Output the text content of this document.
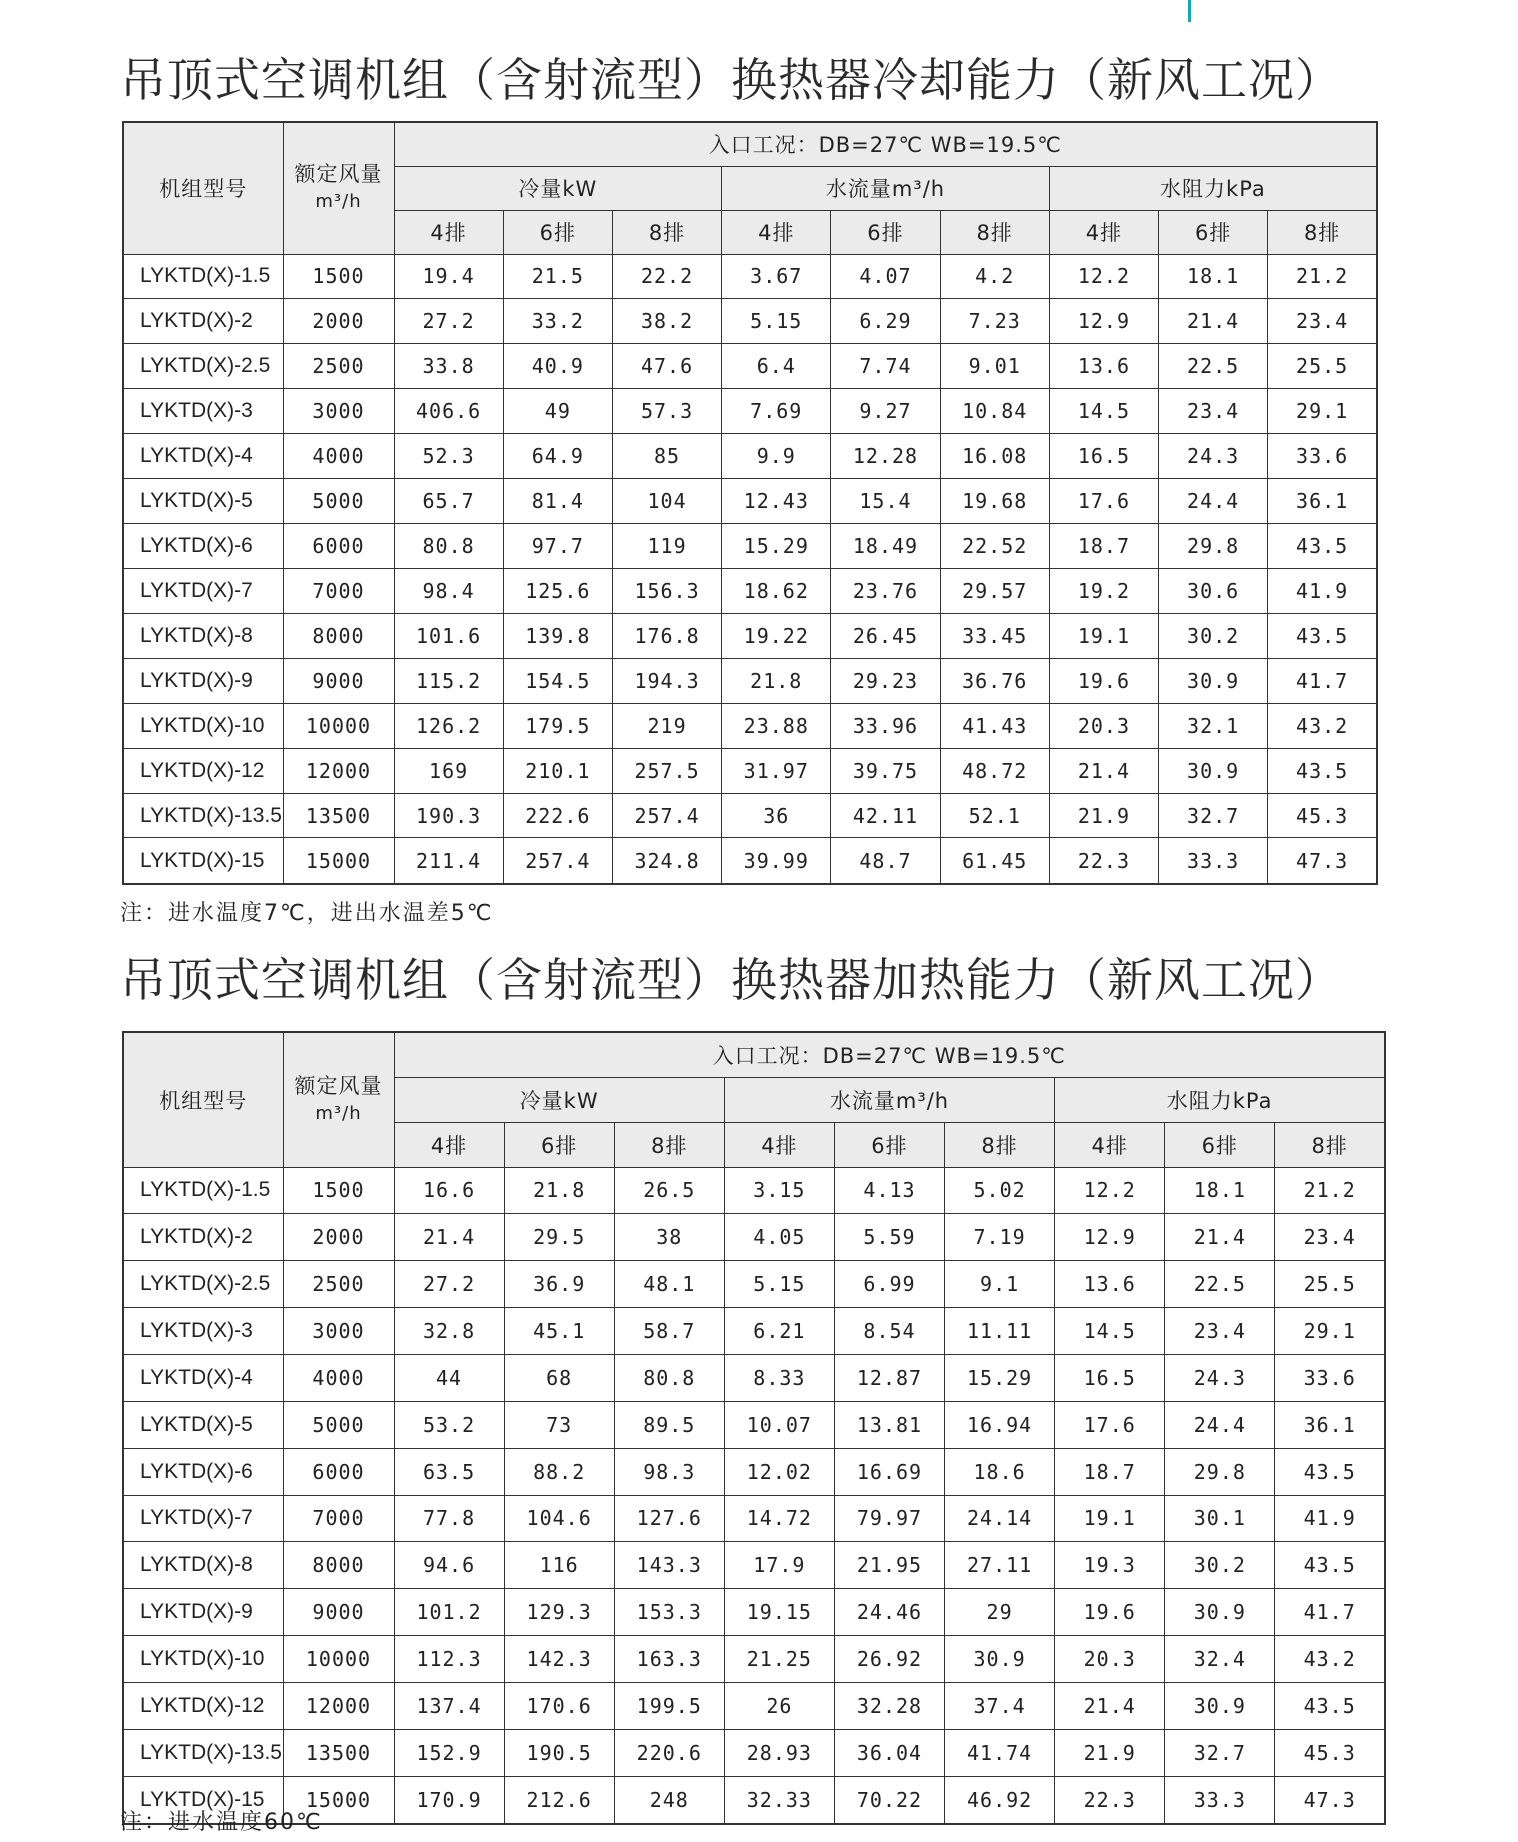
吊顶式空调机组（含射流型）换热器冷却能力（新风工况）
机组型号	额定风量
m³/h	入口工况：DB=27℃ WB=19.5℃								
		冷量kW			水流量m³/h			水阻力kPa		
		4排	6排	8排	4排	6排	8排	4排	6排	8排
LYKTD(X)-1.5	1500	19.4	21.5	22.2	3.67	4.07	4.2	12.2	18.1	21.2
LYKTD(X)-2	2000	27.2	33.2	38.2	5.15	6.29	7.23	12.9	21.4	23.4
LYKTD(X)-2.5	2500	33.8	40.9	47.6	6.4	7.74	9.01	13.6	22.5	25.5
LYKTD(X)-3	3000	406.6	49	57.3	7.69	9.27	10.84	14.5	23.4	29.1
LYKTD(X)-4	4000	52.3	64.9	85	9.9	12.28	16.08	16.5	24.3	33.6
LYKTD(X)-5	5000	65.7	81.4	104	12.43	15.4	19.68	17.6	24.4	36.1
LYKTD(X)-6	6000	80.8	97.7	119	15.29	18.49	22.52	18.7	29.8	43.5
LYKTD(X)-7	7000	98.4	125.6	156.3	18.62	23.76	29.57	19.2	30.6	41.9
LYKTD(X)-8	8000	101.6	139.8	176.8	19.22	26.45	33.45	19.1	30.2	43.5
LYKTD(X)-9	9000	115.2	154.5	194.3	21.8	29.23	36.76	19.6	30.9	41.7
LYKTD(X)-10	10000	126.2	179.5	219	23.88	33.96	41.43	20.3	32.1	43.2
LYKTD(X)-12	12000	169	210.1	257.5	31.97	39.75	48.72	21.4	30.9	43.5
LYKTD(X)-13.5	13500	190.3	222.6	257.4	36	42.11	52.1	21.9	32.7	45.3
LYKTD(X)-15	15000	211.4	257.4	324.8	39.99	48.7	61.45	22.3	33.3	47.3
注：进水温度7℃，进出水温差5℃
吊顶式空调机组（含射流型）换热器加热能力（新风工况）
机组型号	额定风量
m³/h	入口工况：DB=27℃ WB=19.5℃								
		冷量kW			水流量m³/h			水阻力kPa		
		4排	6排	8排	4排	6排	8排	4排	6排	8排
LYKTD(X)-1.5	1500	16.6	21.8	26.5	3.15	4.13	5.02	12.2	18.1	21.2
LYKTD(X)-2	2000	21.4	29.5	38	4.05	5.59	7.19	12.9	21.4	23.4
LYKTD(X)-2.5	2500	27.2	36.9	48.1	5.15	6.99	9.1	13.6	22.5	25.5
LYKTD(X)-3	3000	32.8	45.1	58.7	6.21	8.54	11.11	14.5	23.4	29.1
LYKTD(X)-4	4000	44	68	80.8	8.33	12.87	15.29	16.5	24.3	33.6
LYKTD(X)-5	5000	53.2	73	89.5	10.07	13.81	16.94	17.6	24.4	36.1
LYKTD(X)-6	6000	63.5	88.2	98.3	12.02	16.69	18.6	18.7	29.8	43.5
LYKTD(X)-7	7000	77.8	104.6	127.6	14.72	79.97	24.14	19.1	30.1	41.9
LYKTD(X)-8	8000	94.6	116	143.3	17.9	21.95	27.11	19.3	30.2	43.5
LYKTD(X)-9	9000	101.2	129.3	153.3	19.15	24.46	29	19.6	30.9	41.7
LYKTD(X)-10	10000	112.3	142.3	163.3	21.25	26.92	30.9	20.3	32.4	43.2
LYKTD(X)-12	12000	137.4	170.6	199.5	26	32.28	37.4	21.4	30.9	43.5
LYKTD(X)-13.5	13500	152.9	190.5	220.6	28.93	36.04	41.74	21.9	32.7	45.3
LYKTD(X)-15	15000	170.9	212.6	248	32.33	70.22	46.92	22.3	33.3	47.3
注：进水温度60℃
